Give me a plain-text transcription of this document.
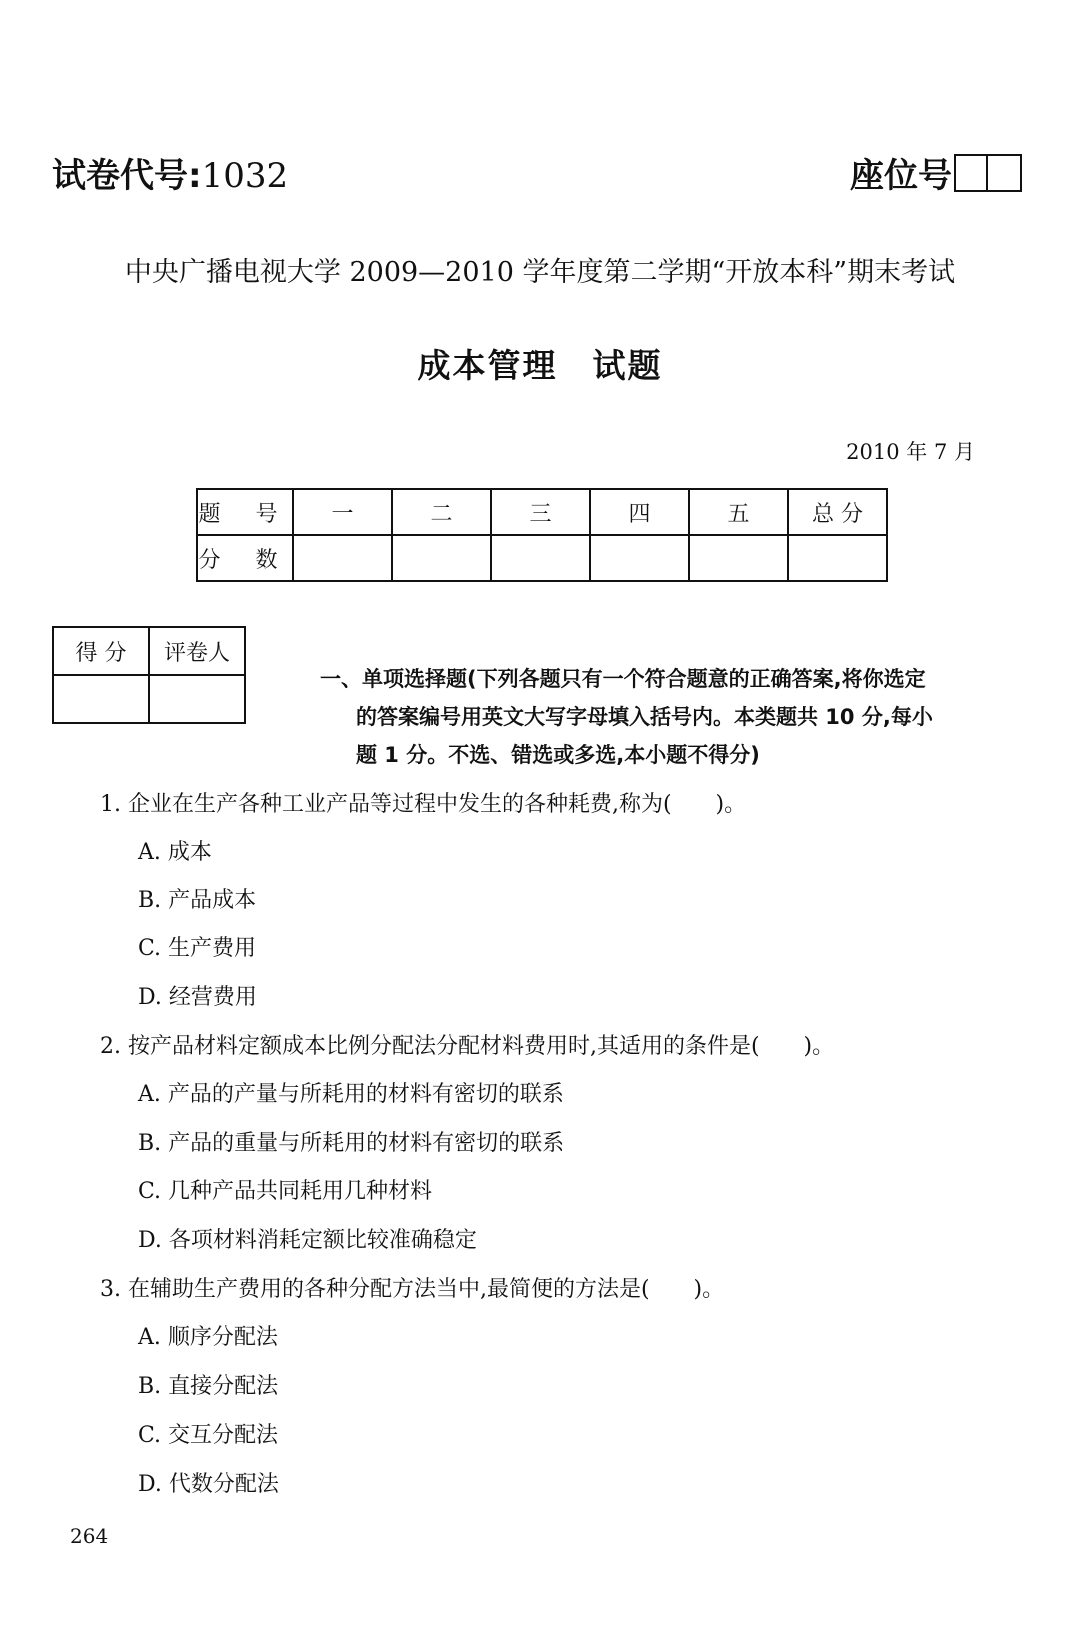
试卷代号:1032	座位号
中央广播电视大学 2009—2010 学年度第二学期“开放本科”期末考试
成本管理　试题
2010 年 7 月
题 号	一	二	三	四	五	总 分
分 数						
得 分	评卷人

一、单项选择题(下列各题只有一个符合题意的正确答案,将你选定
的答案编号用英文大写字母填入括号内。本类题共 10 分,每小
题 1 分。不选、错选或多选,本小题不得分)
1. 企业在生产各种工业产品等过程中发生的各种耗费,称为(　　)。
A. 成本
B. 产品成本
C. 生产费用
D. 经营费用
2. 按产品材料定额成本比例分配法分配材料费用时,其适用的条件是(　　)。
A. 产品的产量与所耗用的材料有密切的联系
B. 产品的重量与所耗用的材料有密切的联系
C. 几种产品共同耗用几种材料
D. 各项材料消耗定额比较准确稳定
3. 在辅助生产费用的各种分配方法当中,最简便的方法是(　　)。
A. 顺序分配法
B. 直接分配法
C. 交互分配法
D. 代数分配法
264
